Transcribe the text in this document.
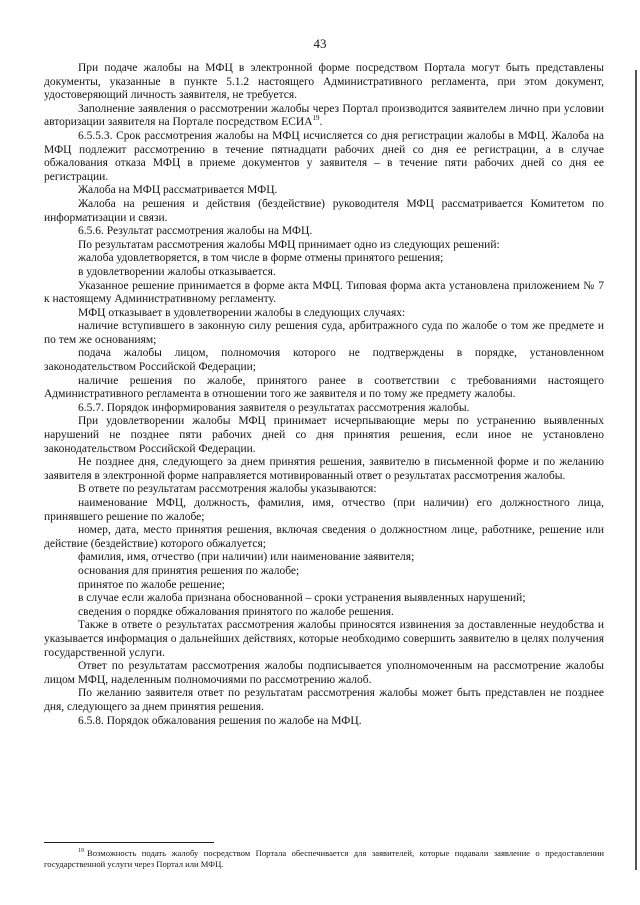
43

При подаче жалобы на МФЦ в электронной форме посредством Портала могут быть представлены документы, указанные в пункте 5.1.2 настоящего Административного регламента, при этом документ, удостоверяющий личность заявителя, не требуется.

Заполнение заявления о рассмотрении жалобы через Портал производится заявителем лично при условии авторизации заявителя на Портале посредством ЕСИА$^{19}$.

6.5.5.3. Срок рассмотрения жалобы на МФЦ исчисляется со дня регистрации жалобы в МФЦ. Жалоба на МФЦ подлежит рассмотрению в течение пятнадцати рабочих дней со дня ее регистрации, а в случае обжалования отказа МФЦ в приеме документов у заявителя – в течение пяти рабочих дней со дня ее регистрации.

Жалоба на МФЦ рассматривается МФЦ.

Жалоба на решения и действия (бездействие) руководителя МФЦ рассматривается Комитетом по информатизации и связи.

6.5.6. Результат рассмотрения жалобы на МФЦ.

По результатам рассмотрения жалобы МФЦ принимает одно из следующих решений:

жалоба удовлетворяется, в том числе в форме отмены принятого решения;

в удовлетворении жалобы отказывается.

Указанное решение принимается в форме акта МФЦ. Типовая форма акта установлена приложением № 7 к настоящему Административному регламенту.

МФЦ отказывает в удовлетворении жалобы в следующих случаях:

наличие вступившего в законную силу решения суда, арбитражного суда по жалобе о том же предмете и по тем же основаниям;

подача жалобы лицом, полномочия которого не подтверждены в порядке, установленном законодательством Российской Федерации;

наличие решения по жалобе, принятого ранее в соответствии с требованиями настоящего Административного регламента в отношении того же заявителя и по тому же предмету жалобы.

6.5.7. Порядок информирования заявителя о результатах рассмотрения жалобы.

При удовлетворении жалобы МФЦ принимает исчерпывающие меры по устранению выявленных нарушений не позднее пяти рабочих дней со дня принятия решения, если иное не установлено законодательством Российской Федерации.

Не позднее дня, следующего за днем принятия решения, заявителю в письменной форме и по желанию заявителя в электронной форме направляется мотивированный ответ о результатах рассмотрения жалобы.

В ответе по результатам рассмотрения жалобы указываются:

наименование МФЦ, должность, фамилия, имя, отчество (при наличии) его должностного лица, принявшего решение по жалобе;

номер, дата, место принятия решения, включая сведения о должностном лице, работнике, решение или действие (бездействие) которого обжалуется;

фамилия, имя, отчество (при наличии) или наименование заявителя;

основания для принятия решения по жалобе;

принятое по жалобе решение;

в случае если жалоба признана обоснованной – сроки устранения выявленных нарушений;

сведения о порядке обжалования принятого по жалобе решения.

Также в ответе о результатах рассмотрения жалобы приносятся извинения за доставленные неудобства и указывается информация о дальнейших действиях, которые необходимо совершить заявителю в целях получения государственной услуги.

Ответ по результатам рассмотрения жалобы подписывается уполномоченным на рассмотрение жалобы лицом МФЦ, наделенным полномочиями по рассмотрению жалоб.

По желанию заявителя ответ по результатам рассмотрения жалобы может быть представлен не позднее дня, следующего за днем принятия решения.

6.5.8. Порядок обжалования решения по жалобе на МФЦ.

$^{19}$ Возможность подать жалобу посредством Портала обеспечивается для заявителей, которые подавали заявление о предоставлении государственной услуги через Портал или МФЦ.
